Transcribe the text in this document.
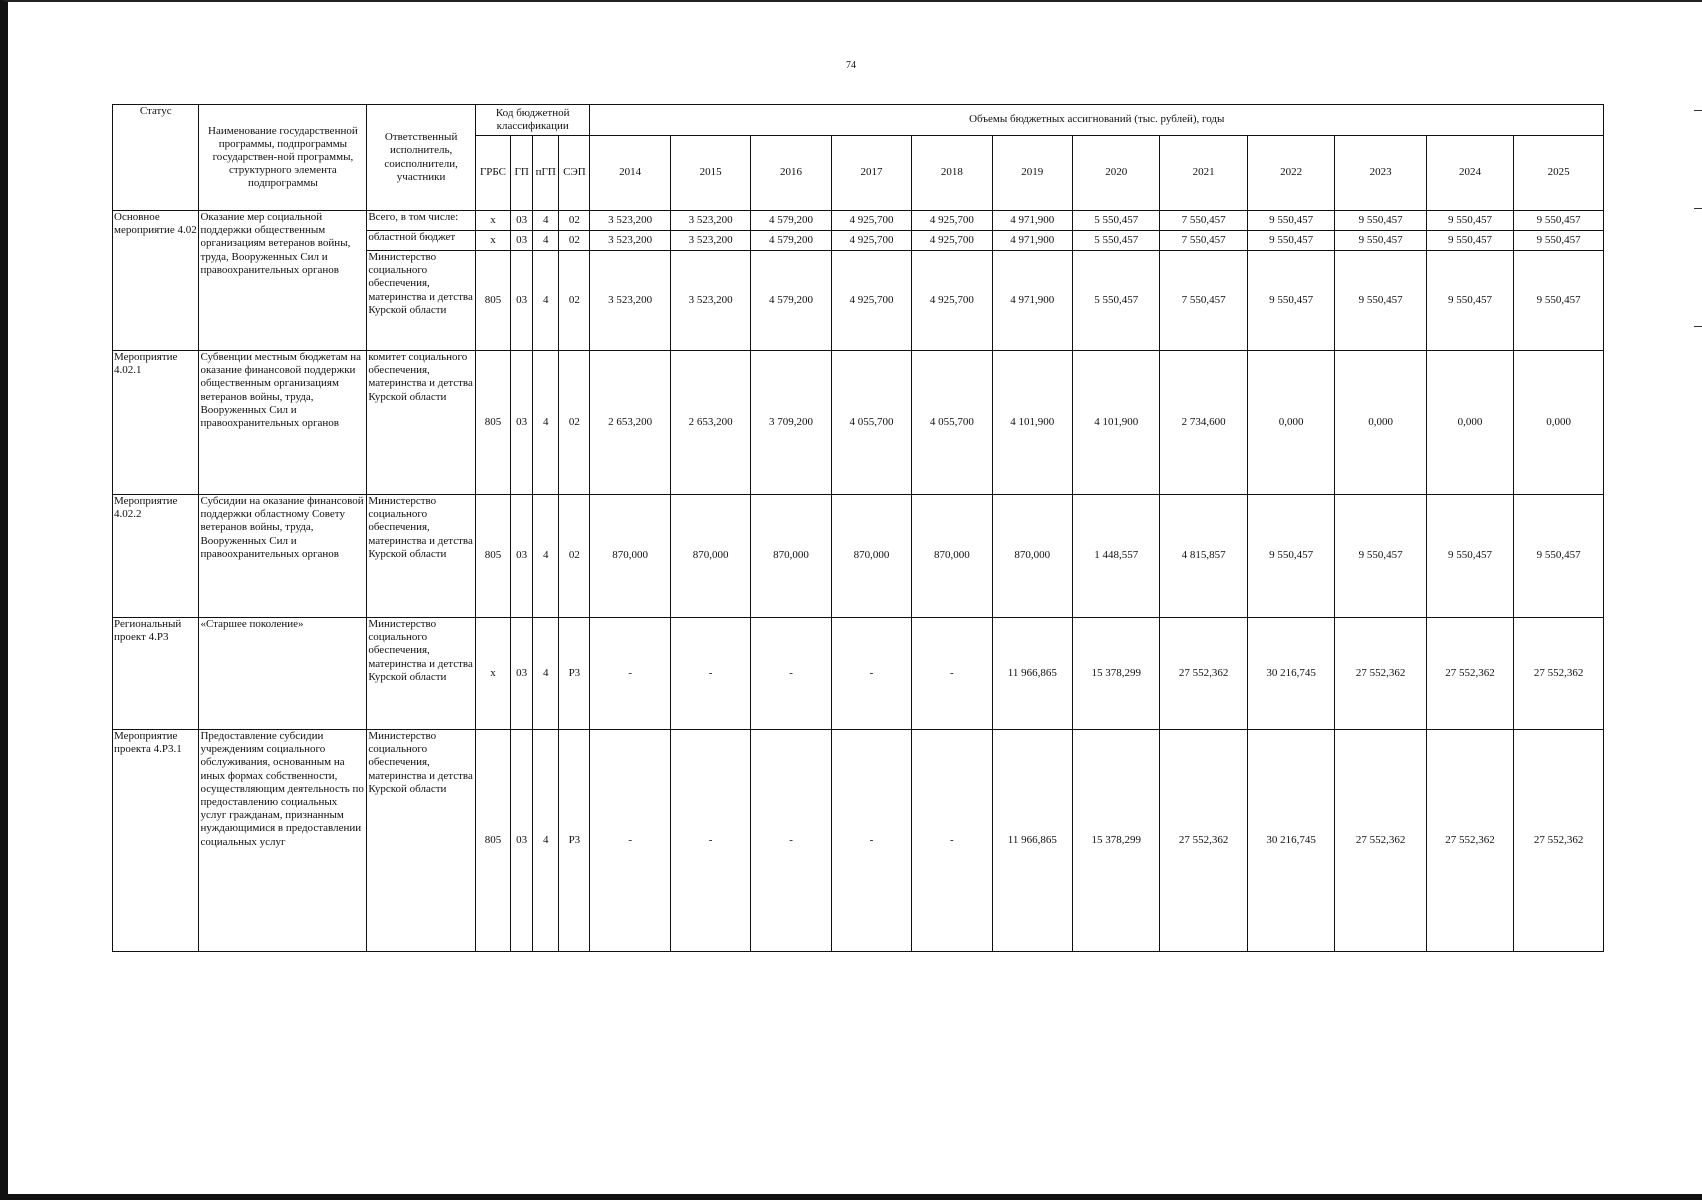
74
Статус	Наименование государственной программы, подпрограммы государствен-ной программы, структурного элемента подпрограммы	Ответственный исполнитель, соисполнители, участники	Код бюджетной классификации				Объемы бюджетных ассигнований (тыс. рублей), годы											
			ГРБС	ГП	пГП	СЭП	2014	2015	2016	2017	2018	2019	2020	2021	2022	2023	2024	2025
Основное мероприятие 4.02	Оказание мер социальной поддержки общественным организациям ветеранов войны, труда, Вооруженных Сил и правоохранительных органов	Всего, в том числе:	x	03	4	02	3 523,200	3 523,200	4 579,200	4 925,700	4 925,700	4 971,900	5 550,457	7 550,457	9 550,457	9 550,457	9 550,457	9 550,457
		областной бюджет	x	03	4	02	3 523,200	3 523,200	4 579,200	4 925,700	4 925,700	4 971,900	5 550,457	7 550,457	9 550,457	9 550,457	9 550,457	9 550,457
		Министерство социального обеспечения, материнства и детства Курской области	805	03	4	02	3 523,200	3 523,200	4 579,200	4 925,700	4 925,700	4 971,900	5 550,457	7 550,457	9 550,457	9 550,457	9 550,457	9 550,457
Мероприятие 4.02.1	Субвенции местным бюджетам на оказание финансовой поддержки общественным организациям ветеранов войны, труда, Вооруженных Сил и правоохранительных органов	комитет социального обеспечения, материнства и детства Курской области	805	03	4	02	2 653,200	2 653,200	3 709,200	4 055,700	4 055,700	4 101,900	4 101,900	2 734,600	0,000	0,000	0,000	0,000
Мероприятие 4.02.2	Субсидии на оказание финансовой поддержки областному Совету ветеранов войны, труда, Вооруженных Сил и правоохранительных органов	Министерство социального обеспечения, материнства и детства Курской области	805	03	4	02	870,000	870,000	870,000	870,000	870,000	870,000	1 448,557	4 815,857	9 550,457	9 550,457	9 550,457	9 550,457
Региональный проект 4.Р3	«Старшее поколение»	Министерство социального обеспечения, материнства и детства Курской области	x	03	4	Р3	-	-	-	-	-	11 966,865	15 378,299	27 552,362	30 216,745	27 552,362	27 552,362	27 552,362
Мероприятие проекта 4.Р3.1	Предоставление субсидии учреждениям социального обслуживания, основанным на иных формах собственности, осуществляющим деятельность по предоставлению социальных услуг гражданам, признанным нуждающимися в предоставлении социальных услуг	Министерство социального обеспечения, материнства и детства Курской области	805	03	4	Р3	-	-	-	-	-	11 966,865	15 378,299	27 552,362	30 216,745	27 552,362	27 552,362	27 552,362
